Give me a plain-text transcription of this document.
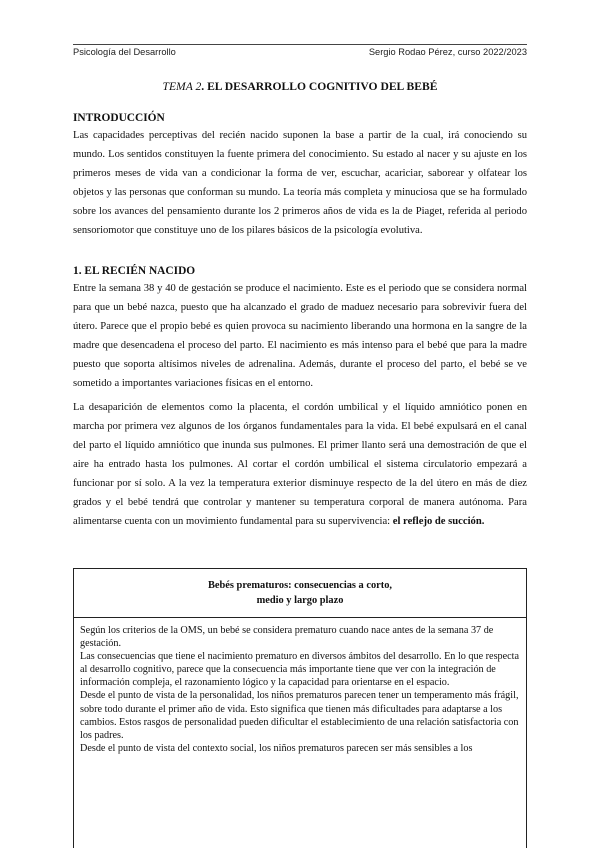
Psicología del Desarrollo	Sergio Rodao Pérez, curso 2022/2023
TEMA 2. EL DESARROLLO COGNITIVO DEL BEBÉ
INTRODUCCIÓN

Las capacidades perceptivas del recién nacido suponen la base a partir de la cual, irá conociendo su mundo. Los sentidos constituyen la fuente primera del conocimiento. Su estado al nacer y su ajuste en los primeros meses de vida van a condicionar la forma de ver, escuchar, acariciar, saborear y olfatear los objetos y las personas que conforman su mundo. La teoría más completa y minuciosa que se ha formulado sobre los avances del pensamiento durante los 2 primeros años de vida es la de Piaget, referida al periodo sensoriomotor que constituye uno de los pilares básicos de la psicología evolutiva.

1. EL RECIÉN NACIDO

Entre la semana 38 y 40 de gestación se produce el nacimiento. Este es el periodo que se considera normal para que un bebé nazca, puesto que ha alcanzado el grado de maduez necesario para sobrevivir fuera del útero. Parece que el propio bebé es quien provoca su nacimiento liberando una hormona en la sangre de la madre que desencadena el proceso del parto. El nacimiento es más intenso para el bebé que para la madre puesto que soporta altísimos niveles de adrenalina. Además, durante el proceso del parto, el bebé se ve sometido a importantes variaciones físicas en el entorno.

La desaparición de elementos como la placenta, el cordón umbilical y el líquido amniótico ponen en marcha por primera vez algunos de los órganos fundamentales para la vida. El bebé expulsará en el canal del parto el líquido amniótico que inunda sus pulmones. El primer llanto será una demostración de que el aire ha entrado hasta los pulmones. Al cortar el cordón umbilical el sistema circulatorio empezará a funcionar por sí solo. A la vez la temperatura exterior disminuye respecto de la del útero en más de diez grados y el bebé tendrá que controlar y mantener su temperatura corporal de manera autónoma. Para alimentarse cuenta con un movimiento fundamental para su supervivencia: el reflejo de succión.

Bebés prematuros: consecuencias a corto,
medio y largo plazo

Según los criterios de la OMS, un bebé se considera prematuro cuando nace antes de la semana 37 de gestación.

Las consecuencias que tiene el nacimiento prematuro en diversos ámbitos del desarrollo. En lo que respecta al desarrollo cognitivo, parece que la consecuencia más importante tiene que ver con la integración de información compleja, el razonamiento lógico y la capacidad para orientarse en el espacio.

Desde el punto de vista de la personalidad, los niños prematuros parecen tener un temperamento más frágil, sobre todo durante el primer año de vida. Esto significa que tienen más dificultades para adaptarse a los cambios. Estos rasgos de personalidad pueden dificultar el establecimiento de una relación satisfactoria con los padres.

Desde el punto de vista del contexto social, los niños prematuros parecen ser más sensibles a los
